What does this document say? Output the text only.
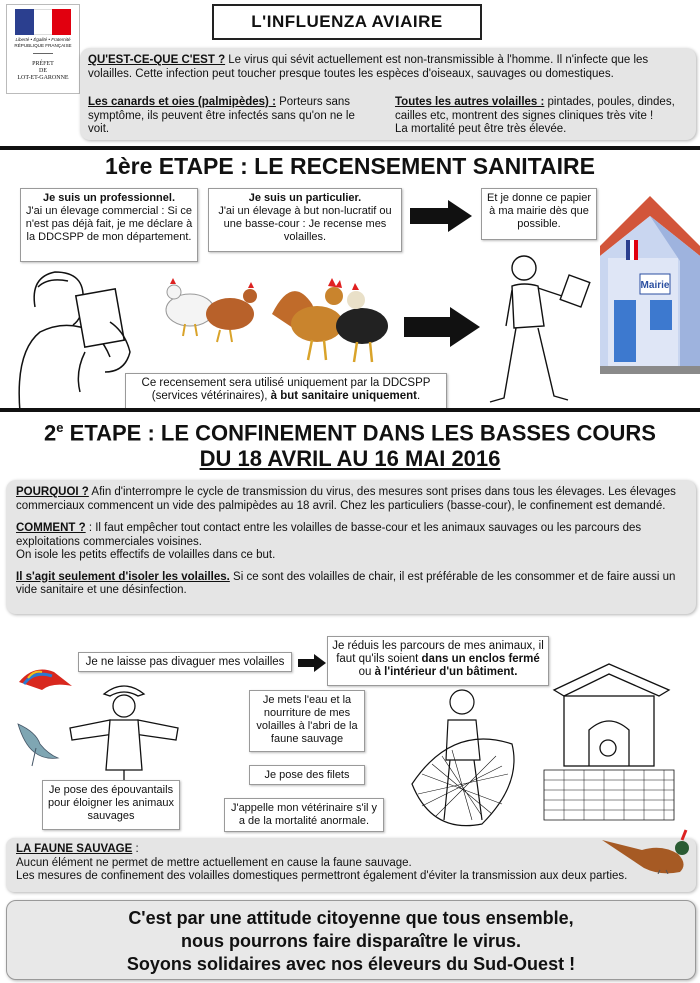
Liberté • Égalité • Fraternité
RÉPUBLIQUE FRANÇAISE
PRÉFET
DE
LOT-ET-GARONNE
L'INFLUENZA AVIAIRE
QU'EST-CE-QUE C'EST ? Le virus qui sévit actuellement est non-transmissible à l'homme. Il n'infecte que les volailles. Cette infection peut toucher presque toutes les espèces d'oiseaux, sauvages ou domestiques.
Les canards et oies (palmipèdes) : Porteurs sans symptôme, ils peuvent être infectés sans qu'on ne le voit.
Toutes les autres volailles : pintades, poules, dindes, cailles etc, montrent des signes cliniques très vite !
La mortalité peut être très élevée.
1ère ETAPE : LE RECENSEMENT SANITAIRE
Je suis un professionnel.
J'ai un élevage commercial : Si ce n'est pas déjà fait, je me déclare à la DDCSPP de mon département.
Je suis un particulier.
J'ai un élevage à but non-lucratif ou une basse-cour : Je recense mes volailles.
Et je donne ce papier à ma mairie dès que possible.
Mairie
Ce recensement sera utilisé uniquement par la DDCSPP (services vétérinaires), à but sanitaire uniquement.
2e ETAPE : LE CONFINEMENT DANS LES BASSES COURS
DU 18 AVRIL AU 16 MAI 2016
POURQUOI ? Afin d'interrompre le cycle de transmission du virus, des mesures sont prises dans tous les élevages. Les élevages commerciaux commencent un vide des palmipèdes au 18 avril. Chez les particuliers (basse-cour), le confinement est demandé.
COMMENT ? : Il faut empêcher tout contact entre les volailles de basse-cour et les animaux sauvages ou les parcours des exploitations commerciales voisines.
On isole les petits effectifs de volailles dans ce but.
Il s'agit seulement d'isoler les volailles. Si ce sont des volailles de chair, il est préférable de les consommer et de faire aussi un vide sanitaire et une désinfection.
Je ne laisse pas divaguer mes volailles
Je réduis les parcours de mes animaux, il faut qu'ils soient dans un enclos fermé ou à l'intérieur d'un bâtiment.
Je mets l'eau et la nourriture de mes volailles à l'abri de la faune sauvage
Je pose des filets
J'appelle mon vétérinaire s'il y a de la mortalité anormale.
Je pose des épouvantails pour éloigner les animaux sauvages
LA FAUNE SAUVAGE :
Aucun élément ne permet de mettre actuellement en cause la faune sauvage.
Les mesures de confinement des volailles domestiques permettront également d'éviter la transmission aux deux parties.
C'est par une attitude citoyenne que tous ensemble,
nous pourrons faire disparaître le virus.
Soyons solidaires avec nos éleveurs du Sud-Ouest !
